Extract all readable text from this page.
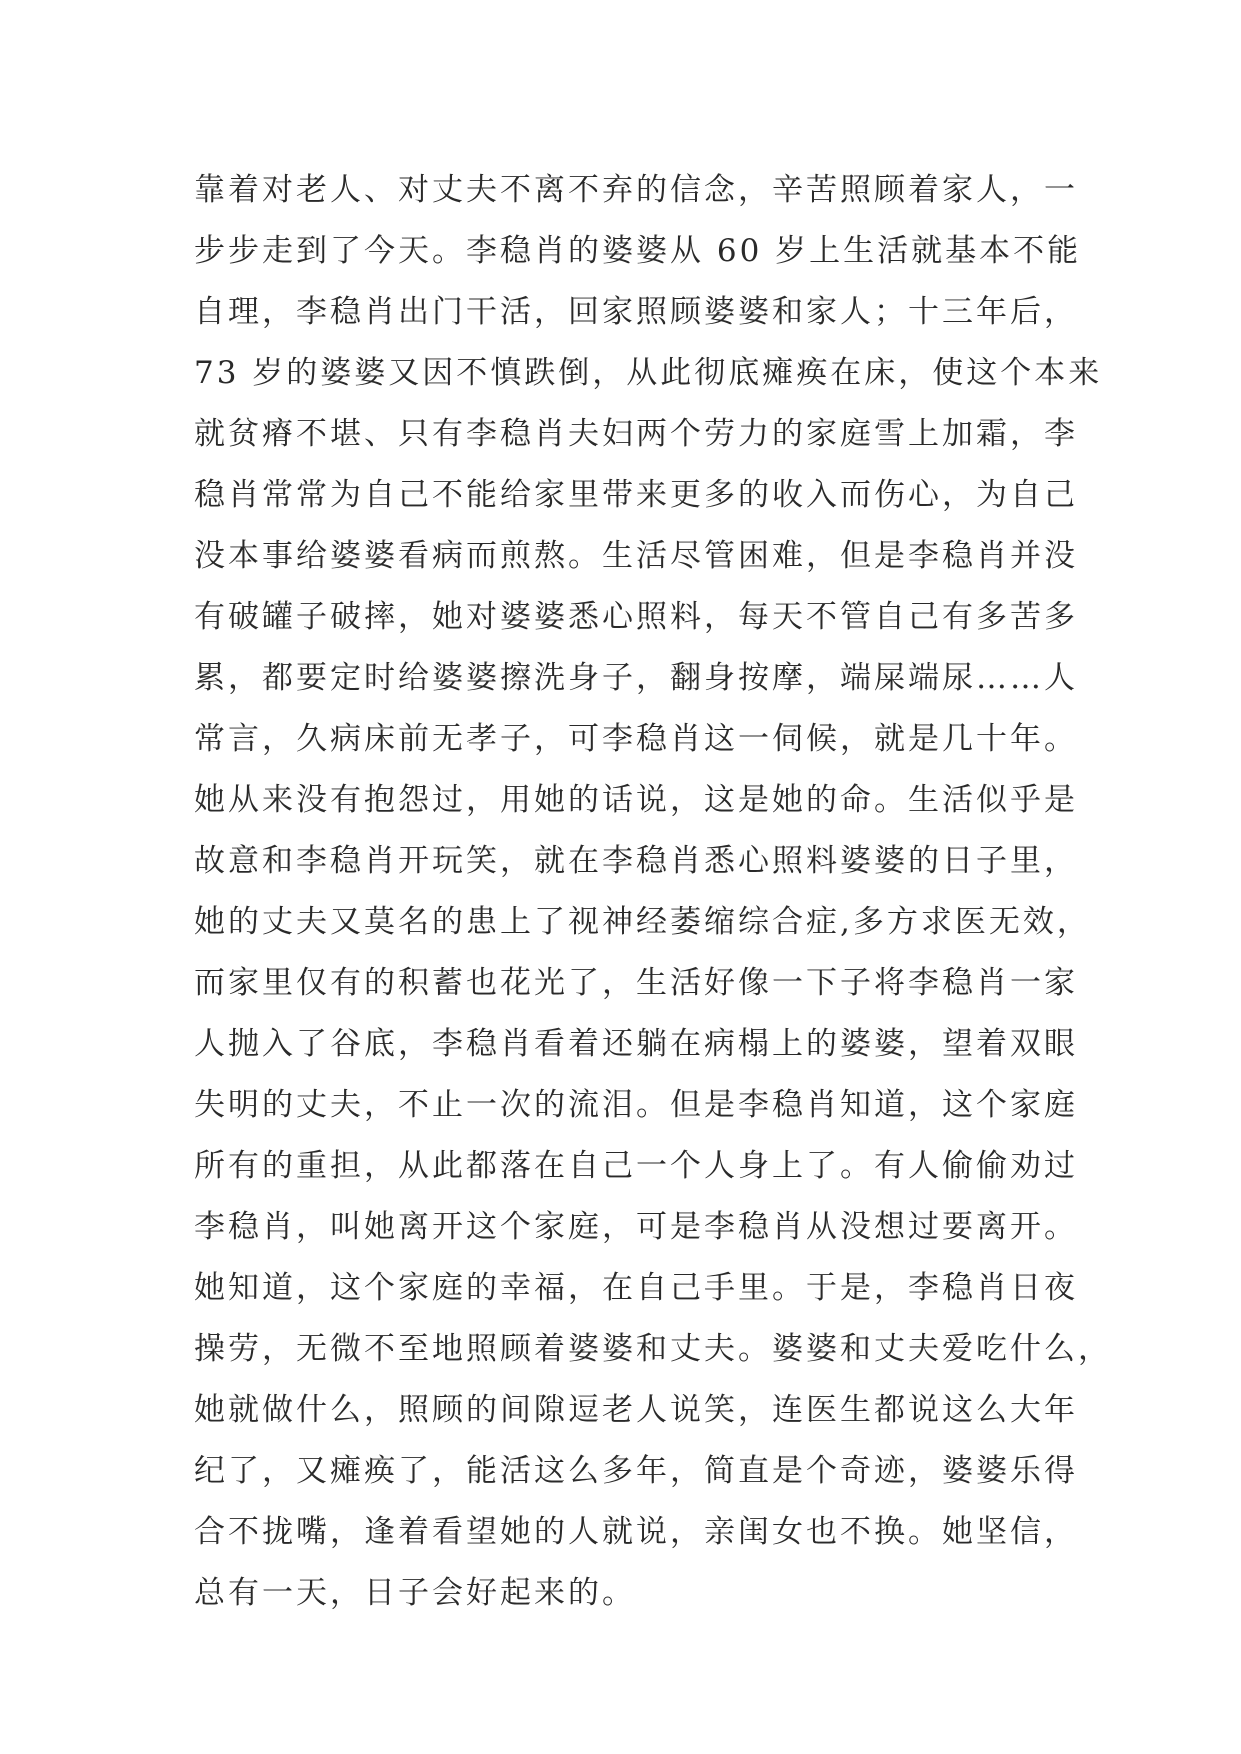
靠着对老人、对丈夫不离不弃的信念，辛苦照顾着家人，一
步步走到了今天。李稳肖的婆婆从 60 岁上生活就基本不能
自理，李稳肖出门干活，回家照顾婆婆和家人；十三年后，
73 岁的婆婆又因不慎跌倒，从此彻底瘫痪在床，使这个本来
就贫瘠不堪、只有李稳肖夫妇两个劳力的家庭雪上加霜，李
稳肖常常为自己不能给家里带来更多的收入而伤心，为自己
没本事给婆婆看病而煎熬。生活尽管困难，但是李稳肖并没
有破罐子破摔，她对婆婆悉心照料，每天不管自己有多苦多
累，都要定时给婆婆擦洗身子，翻身按摩，端屎端尿……人
常言，久病床前无孝子，可李稳肖这一伺候，就是几十年。
她从来没有抱怨过，用她的话说，这是她的命。生活似乎是
故意和李稳肖开玩笑，就在李稳肖悉心照料婆婆的日子里，
她的丈夫又莫名的患上了视神经萎缩综合症,多方求医无效，
而家里仅有的积蓄也花光了，生活好像一下子将李稳肖一家
人抛入了谷底，李稳肖看着还躺在病榻上的婆婆，望着双眼
失明的丈夫，不止一次的流泪。但是李稳肖知道，这个家庭
所有的重担，从此都落在自己一个人身上了。有人偷偷劝过
李稳肖，叫她离开这个家庭，可是李稳肖从没想过要离开。
她知道，这个家庭的幸福，在自己手里。于是，李稳肖日夜
操劳，无微不至地照顾着婆婆和丈夫。婆婆和丈夫爱吃什么，
她就做什么，照顾的间隙逗老人说笑，连医生都说这么大年
纪了，又瘫痪了，能活这么多年，简直是个奇迹，婆婆乐得
合不拢嘴，逢着看望她的人就说，亲闺女也不换。她坚信，
总有一天，日子会好起来的。
